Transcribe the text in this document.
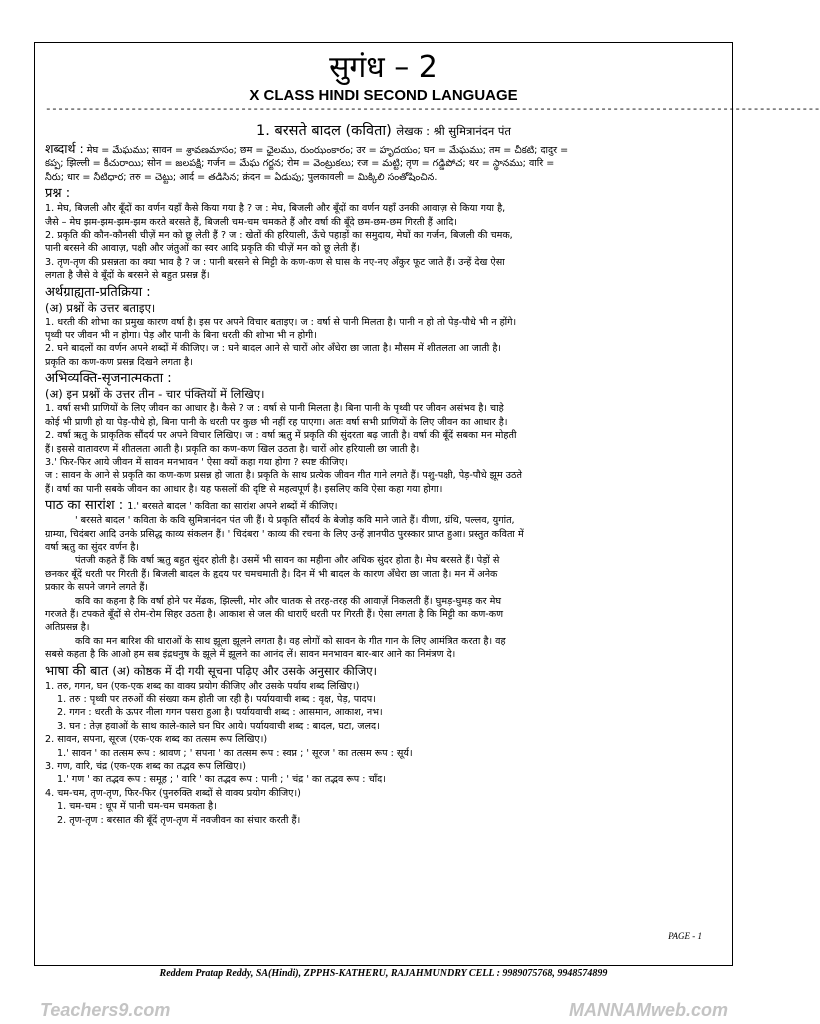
सुगंध – 2
X CLASS HINDI SECOND LANGUAGE
-------------------------------------------------------------------------------------------------------------------------------
1. बरसते बादल (कविता) लेखक : श्री सुमित्रानंदन पंत

शब्दार्थ : मेघ = మేఘము; सावन = శ్రావణమాసం; छम = ఛైలము, రుంఝంకారం; उर = హృదయం; घन = మేఘము; तम = చీకటి; दादुर =

కప్ప; झिल्ली = కీచురాయి; सोन = జలపక్షి; गर्जन = మేఘ గర్జన; रोम = వెంట్రుకలు; रज = మట్టి; तृण = గడ్డిపోచ; थर = స్థానము; वारि =

నీరు; धार = నీటిధార; तरु = చెట్టు; आर्द = తడిసిన; क्रंदन = ఏడుపు; पुलकावली = మిక్కిలి సంతోషించిన.

प्रश्न :

1. मेघ, बिजली और बूँदों का वर्णन यहाँ कैसे किया गया है ? ज : मेघ, बिजली और बूँदों का वर्णन यहाँ उनकी आवाज़ से किया गया है,

जैसे – मेघ झम-झम-झम-झम करते बरसते हैं, बिजली चम-चम चमकते हैं और वर्षा की बूँदे छम-छम-छम गिरती हैं आदि।

2. प्रकृति की कौन-कौनसी चीज़ें मन को छू लेती हैं ? ज : खेतों की हरियाली, ऊँचे पहाड़ों का समुदाय, मेघों का गर्जन, बिजली की चमक,

पानी बरसने की आवाज़, पक्षी और जंतुओं का स्वर आदि प्रकृति की चीज़ें मन को छू लेती हैं।

3. तृण-तृण की प्रसन्नता का क्या भाव है ? ज : पानी बरसने से मिट्टी के कण-कण से घास के नए-नए अँकुर फूट जाते हैं। उन्हें देख ऐसा

लगता है जैसे वे बूँदों के बरसने से बहुत प्रसन्न हैं।

अर्थग्राह्यता-प्रतिक्रिया :

(अ) प्रश्नों के उत्तर बताइए।

1. धरती की शोभा का प्रमुख कारण वर्षा है। इस पर अपने विचार बताइए। ज : वर्षा से पानी मिलता है। पानी न हो तो पेड़-पौधे भी न होंगे।

पृथ्वी पर जीवन भी न होगा। पेड़ और पानी के बिना धरती की शोभा भी न होगी।

2. घने बादलों का वर्णन अपने शब्दों में कीजिए। ज : घने बादल आने से चारों ओर अँधेरा छा जाता है। मौसम में शीतलता आ जाती है।

प्रकृति का कण-कण प्रसन्न दिखने लगता है।

अभिव्यक्ति-सृजनात्मकता :

(अ) इन प्रश्नों के उत्तर तीन - चार पंक्तियों में लिखिए।

1. वर्षा सभी प्राणियों के लिए जीवन का आधार है। कैसे ? ज : वर्षा से पानी मिलता है। बिना पानी के पृथ्वी पर जीवन असंभव है। चाहे

कोई भी प्राणी हो या पेड़-पौधे हो, बिना पानी के धरती पर कुछ भी नहीं रह पाएगा। अतः वर्षा सभी प्राणियों के लिए जीवन का आधार है।

2. वर्षा ऋतु के प्राकृतिक सौंदर्य पर अपने विचार लिखिए। ज : वर्षा ऋतु में प्रकृति की सुंदरता बढ़ जाती है। वर्षा की बूँदें सबका मन मोहती

हैं। इससे वातावरण में शीतलता आती है। प्रकृति का कण-कण खिल उठता है। चारों ओर हरियाली छा जाती है।

3.' फिर-फिर आये जीवन में सावन मनभावन ' ऐसा क्यों कहा गया होगा ? स्पष्ट कीजिए।

ज : सावन के आने से प्रकृति का कण-कण प्रसन्न हो जाता है। प्रकृति के साथ प्रत्येक जीवन गीत गाने लगते हैं। पशु-पक्षी, पेड़-पौधे झूम उठते

हैं। वर्षा का पानी सबके जीवन का आधार है। यह फसलों की दृष्टि से महत्वपूर्ण है। इसलिए कवि ऐसा कहा गया होगा।

पाठ का सारांश : 1.' बरसते बादल ' कविता का सारांश अपने शब्दों में कीजिए।

' बरसते बादल ' कविता के कवि सुमित्रानंदन पंत जी हैं। ये प्रकृति सौंदर्य के बेजोड़ कवि माने जाते हैं। वीणा, ग्रंथि, पल्लव, युगांत,

ग्राम्या, चिदंबरा आदि उनके प्रसिद्ध काव्य संकलन हैं। ' चिदंबरा ' काव्य की रचना के लिए उन्हें ज्ञानपीठ पुरस्कार प्राप्त हुआ। प्रस्तुत कविता में

वर्षा ऋतु का सुंदर वर्णन है।

पंतजी कहते हैं कि वर्षा ऋतु बहुत सुंदर होती है। उसमें भी सावन का महीना और अधिक सुंदर होता है। मेघ बरसते हैं। पेड़ों से

छनकर बूँदें धरती पर गिरती हैं। बिजली बादल के हृदय पर चमचमाती है। दिन में भी बादल के कारण अँधेरा छा जाता है। मन में अनेक

प्रकार के सपने जगने लगते हैं।

कवि का कहना है कि वर्षा होने पर मेंढक, झिल्ली, मोर और चातक से तरह-तरह की आवाज़ें निकलती हैं। घुमड़-घुमड़ कर मेघ

गरजते हैं। टपकते बूँदों से रोम-रोम सिहर उठता है। आकाश से जल की धाराएँ धरती पर गिरती हैं। ऐसा लगता है कि मिट्टी का कण-कण

अतिप्रसन्न है।

कवि का मन बारिश की धाराओं के साथ झूला झूलने लगता है। वह लोगों को सावन के गीत गान के लिए आमंत्रित करता है। वह

सबसे कहता है कि आओ हम सब इंद्रधनुष के झूले में झूलने का आनंद लें। सावन मनभावन बार-बार आने का निमंत्रण दे।

भाषा की बात (अ) कोष्ठक में दी गयी सूचना पढ़िए और उसके अनुसार कीजिए।

1. तरु, गगन, घन (एक-एक शब्द का वाक्य प्रयोग कीजिए और उसके पर्याय शब्द लिखिए।)

1. तरु : पृथ्वी पर तरुओं की संख्या कम होती जा रही है। पर्यायवाची शब्द : वृक्ष, पेड़, पादप।

2. गगन : धरती के ऊपर नीला गगन पसरा हुआ है। पर्यायवाची शब्द : आसमान, आकाश, नभ।

3. घन : तेज़ हवाओं के साथ काले-काले घन घिर आये। पर्यायवाची शब्द : बादल, घटा, जलद।

2. सावन, सपना, सूरज (एक-एक शब्द का तत्सम रूप लिखिए।)

1.' सावन ' का तत्सम रूप : श्रावण ; ' सपना ' का तत्सम रूप : स्वप्न ; ' सूरज ' का तत्सम रूप : सूर्य।

3. गण, वारि, चंद्र (एक-एक शब्द का तद्भव रूप लिखिए।)

1.' गण ' का तद्भव रूप : समूह ; ' वारि ' का तद्भव रूप : पानी ; ' चंद्र ' का तद्भव रूप : चाँद।

4. चम-चम, तृण-तृण, फिर-फिर (पुनरुक्ति शब्दों से वाक्य प्रयोग कीजिए।)

1. चम-चम : धूप में पानी चम-चम चमकता है।

2. तृण-तृण : बरसात की बूँदें तृण-तृण में नवजीवन का संचार करती हैं।

PAGE - 1
Reddem Pratap Reddy, SA(Hindi), ZPPHS-KATHERU, RAJAHMUNDRY CELL : 9989075768, 9948574899
Teachers9.com	MANNAMweb.com
